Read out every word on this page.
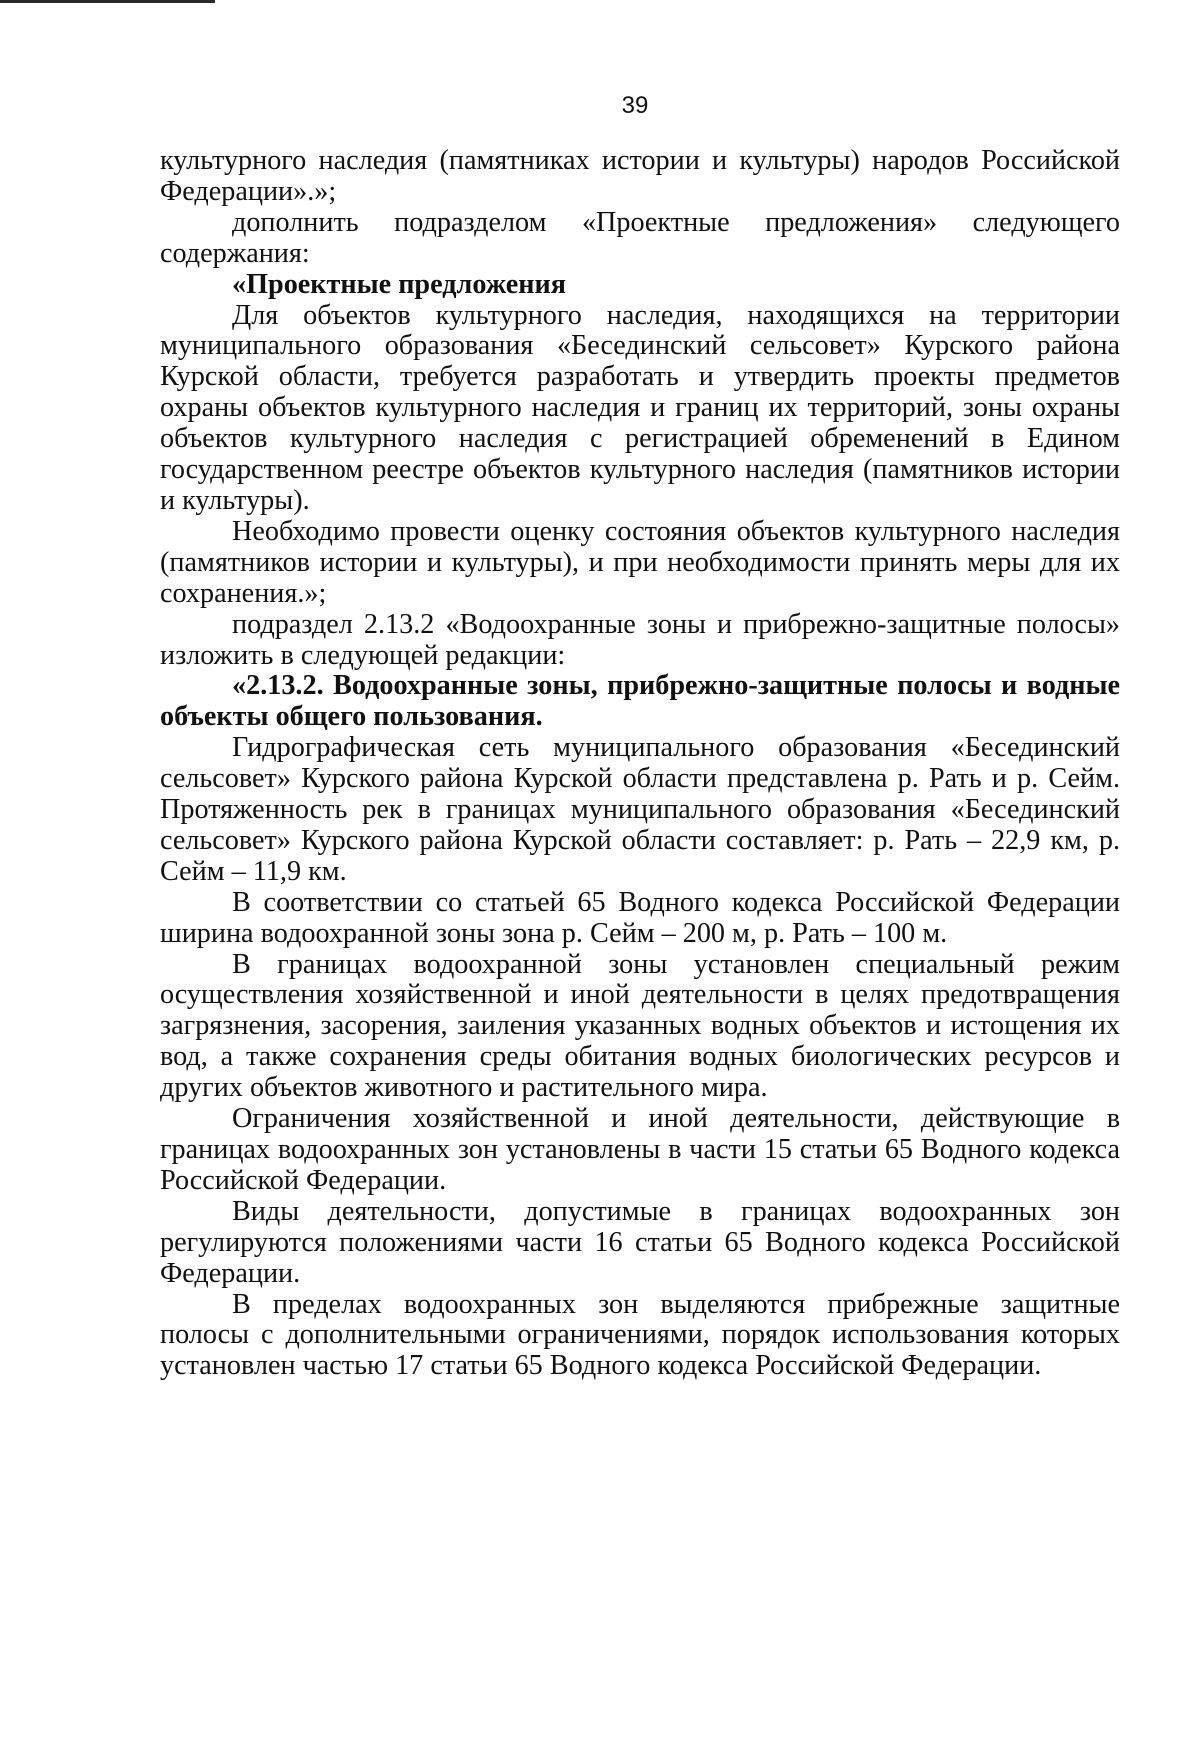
39

культурного наследия (памятниках истории и культуры) народов Российской Федерации».»;

дополнить подразделом «Проектные предложения» следующего содержания:

«Проектные предложения

Для объектов культурного наследия, находящихся на территории муниципального образования «Бесединский сельсовет» Курского района Курской области, требуется разработать и утвердить проекты предметов охраны объектов культурного наследия и границ их территорий, зоны охраны объектов культурного наследия с регистрацией обременений в Едином государственном реестре объектов культурного наследия (памятников истории и культуры).

Необходимо провести оценку состояния объектов культурного наследия (памятников истории и культуры), и при необходимости принять меры для их сохранения.»;

подраздел 2.13.2 «Водоохранные зоны и прибрежно-защитные полосы» изложить в следующей редакции:

«2.13.2. Водоохранные зоны, прибрежно-защитные полосы и водные объекты общего пользования.

Гидрографическая сеть муниципального образования «Бесединский сельсовет» Курского района Курской области представлена р. Рать и р. Сейм. Протяженность рек в границах муниципального образования «Бесединский сельсовет» Курского района Курской области составляет: р. Рать – 22,9 км, р. Сейм – 11,9 км.

В соответствии со статьей 65 Водного кодекса Российской Федерации ширина водоохранной зоны зона р. Сейм – 200 м, р. Рать – 100 м.

В границах водоохранной зоны установлен специальный режим осуществления хозяйственной и иной деятельности в целях предотвращения загрязнения, засорения, заиления указанных водных объектов и истощения их вод, а также сохранения среды обитания водных биологических ресурсов и других объектов животного и растительного мира.

Ограничения хозяйственной и иной деятельности, действующие в границах водоохранных зон установлены в части 15 статьи 65 Водного кодекса Российской Федерации.

Виды деятельности, допустимые в границах водоохранных зон регулируются положениями части 16 статьи 65 Водного кодекса Российской Федерации.

В пределах водоохранных зон выделяются прибрежные защитные полосы с дополнительными ограничениями, порядок использования которых установлен частью 17 статьи 65 Водного кодекса Российской Федерации.
